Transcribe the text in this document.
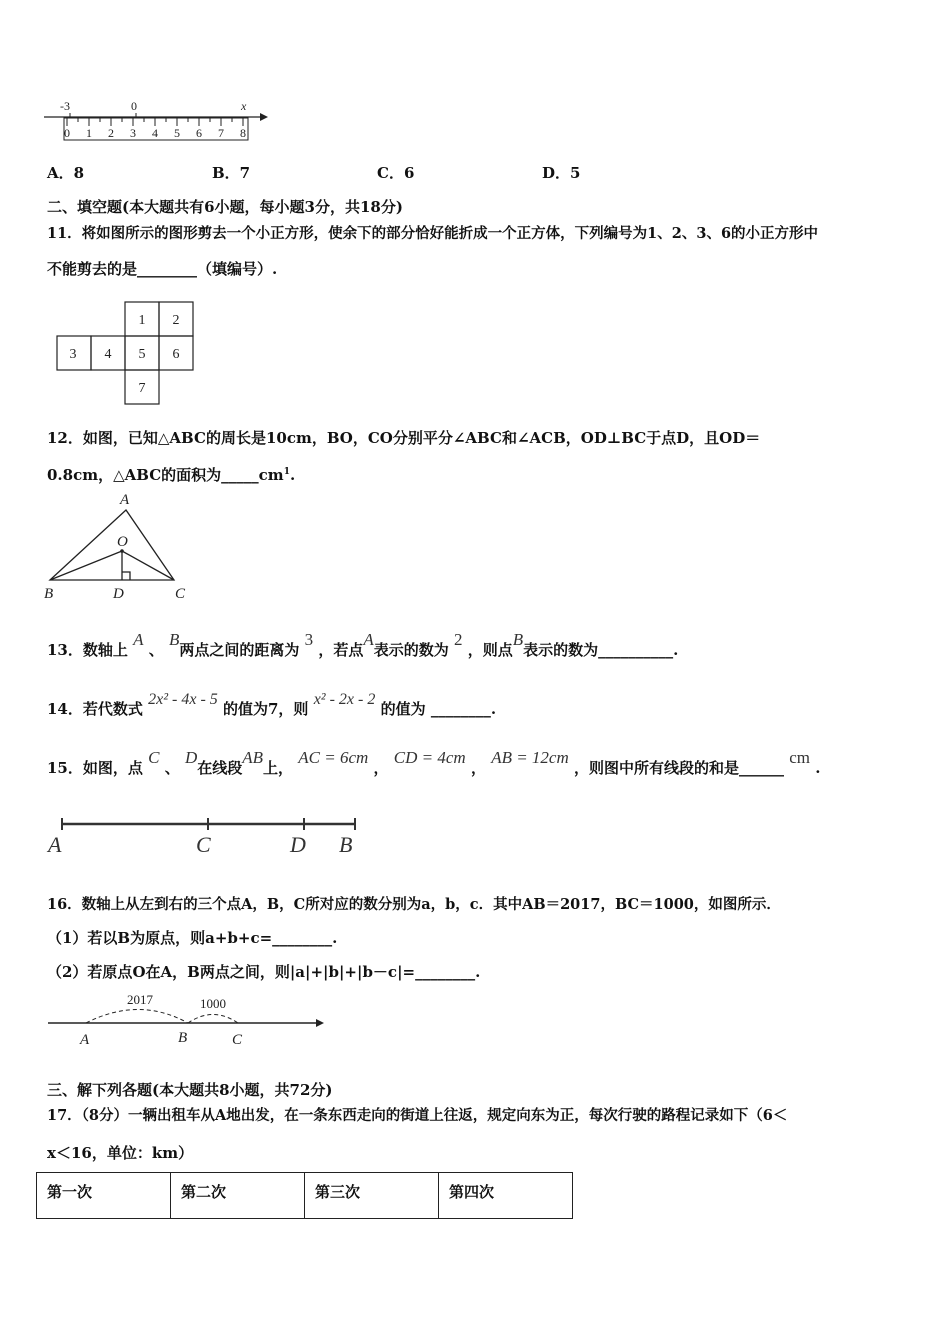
-3	0	x
0 1 2 3 4 5 6 7 8
A．8	B．7	C．6	D．5
二、填空题(本大题共有6小题，每小题3分，共18分)
11．将如图所示的图形剪去一个小正方形，使余下的部分恰好能折成一个正方体，下列编号为1、2、3、6的小正方形中
不能剪去的是________（填编号）.
1 2
3 4 5 6
7
12．如图，已知△ABC的周长是10cm，BO，CO分别平分∠ABC和∠ACB，OD⊥BC于点D，且OD＝
0.8cm，△ABC的面积为$\_\_\_\_\_cm^1$.
A
O
B	D	C
13．数轴上 A 、 B两点之间的距离为 3 ，若点A表示的数为 2 ，则点B表示的数为__________.
14．若代数式 2x² - 4x - 5 的值为7，则 x² - 2x - 2 的值为 ________.
15．如图，点 C 、 D在线段AB上， AC = 6cm ， CD = 4cm ， AB = 12cm ，则图中所有线段的和是______ cm .
A	C	D B
16．数轴上从左到右的三个点A，B，C所对应的数分别为a，b，c．其中AB＝2017，BC＝1000，如图所示．
（1）若以B为原点，则a+b+c=________.
（2）若原点O在A，B两点之间，则|a|+|b|+|b－c|=________.
2017	1000
A	B	C
三、解下列各题(本大题共8小题，共72分)
17．（8分）一辆出租车从A地出发，在一条东西走向的街道上往返，规定向东为正，每次行驶的路程记录如下（6＜
x＜16，单位：km）
第一次	第二次	第三次	第四次
